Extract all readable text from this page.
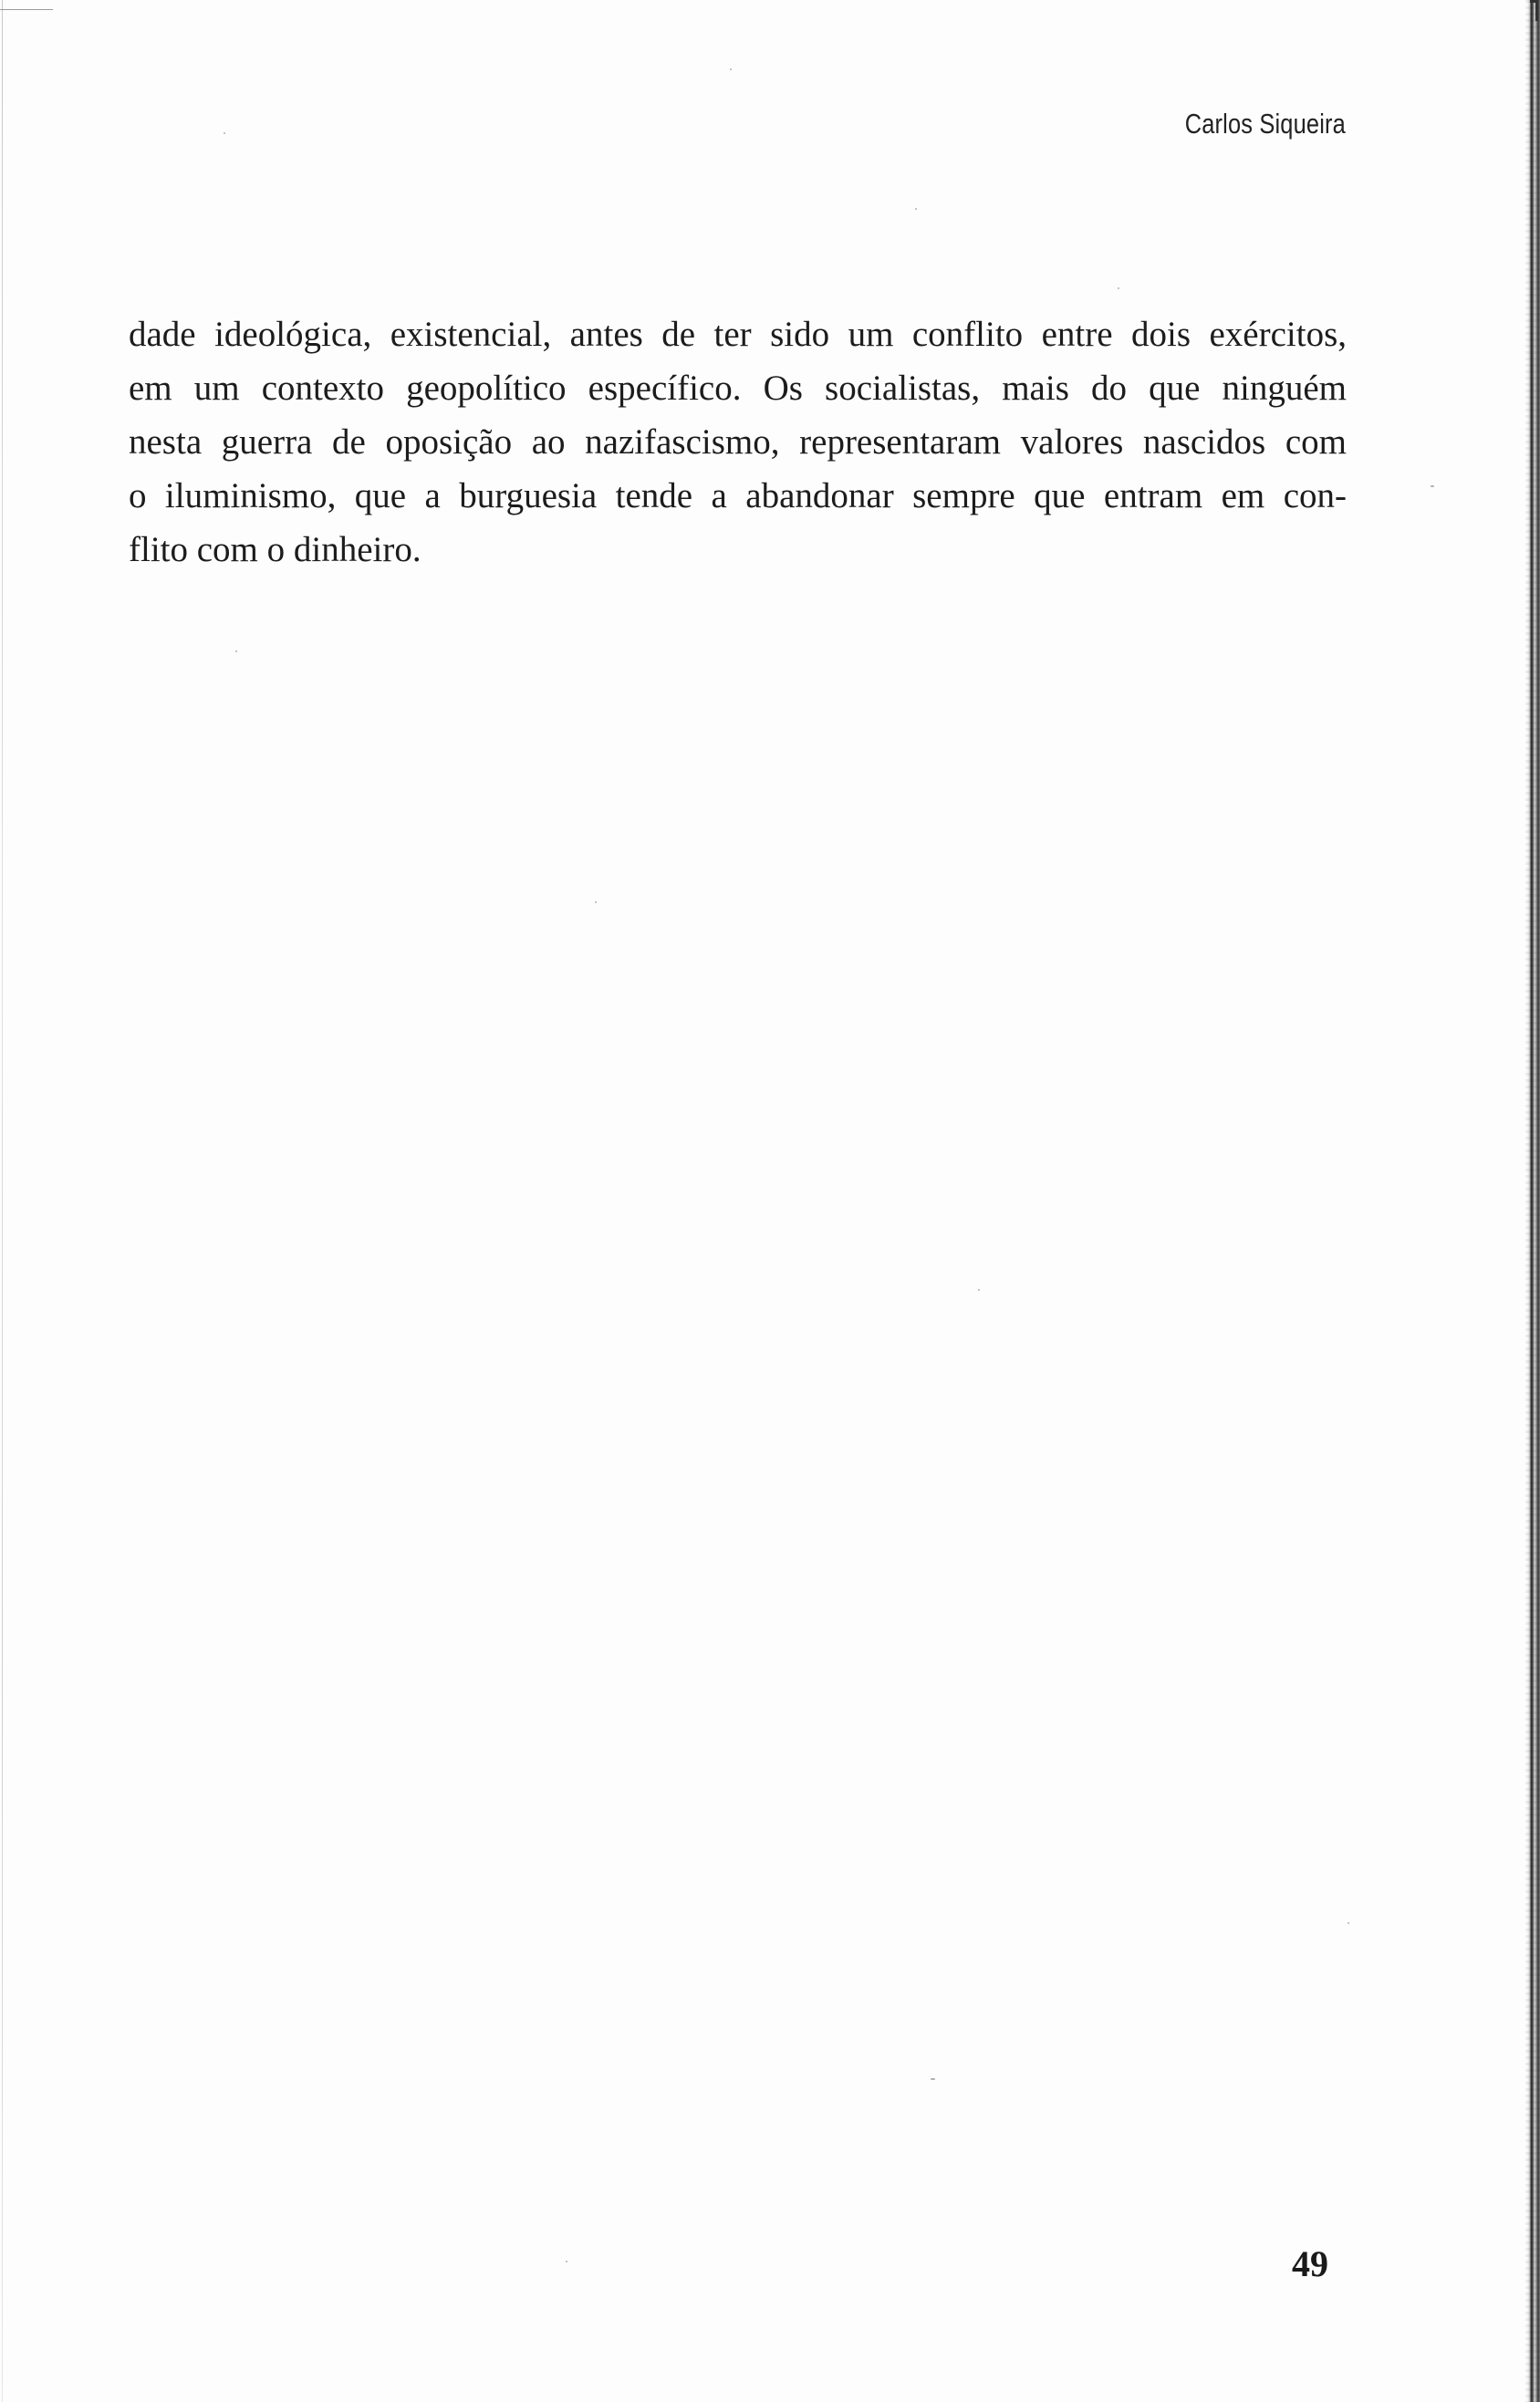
Carlos Siqueira
dade ideológica, existencial, antes de ter sido um conflito entre dois exércitos,
em um contexto geopolítico específico. Os socialistas, mais do que ninguém
nesta guerra de oposição ao nazifascismo, representaram valores nascidos com
o iluminismo, que a burguesia tende a abandonar sempre que entram em con-
flito com o dinheiro.
49
